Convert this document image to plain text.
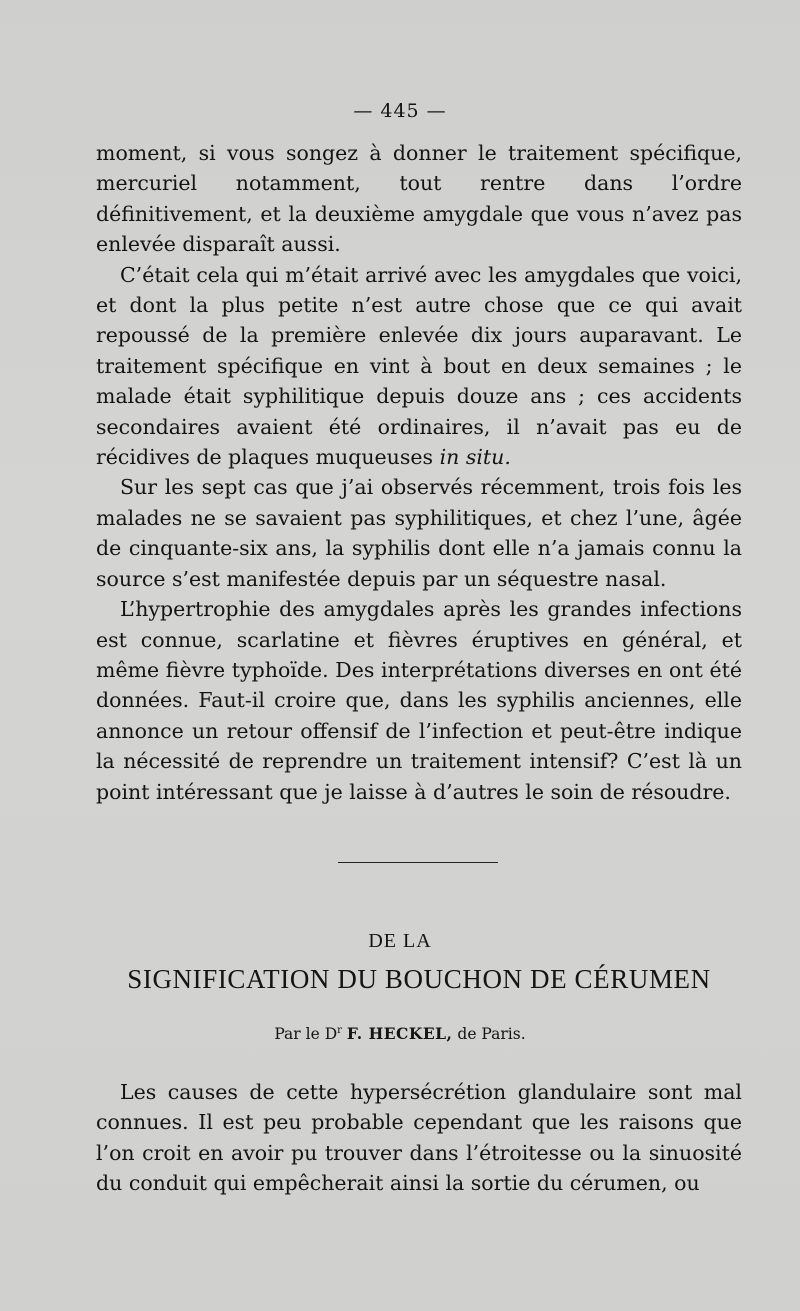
— 445 —

moment, si vous songez à donner le traitement spécifique, mercuriel notamment, tout rentre dans l’ordre définitivement, et la deuxième amygdale que vous n’avez pas enlevée disparaît aussi.

C’était cela qui m’était arrivé avec les amygdales que voici, et dont la plus petite n’est autre chose que ce qui avait repoussé de la première enlevée dix jours auparavant. Le traitement spécifique en vint à bout en deux semaines ; le malade était syphilitique depuis douze ans ; ces accidents secondaires avaient été ordinaires, il n’avait pas eu de récidives de plaques muqueuses in situ.

Sur les sept cas que j’ai observés récemment, trois fois les malades ne se savaient pas syphilitiques, et chez l’une, âgée de cinquante-six ans, la syphilis dont elle n’a jamais connu la source s’est manifestée depuis par un séquestre nasal.

L’hypertrophie des amygdales après les grandes infections est connue, scarlatine et fièvres éruptives en général, et même fièvre typhoïde. Des interprétations diverses en ont été données. Faut-il croire que, dans les syphilis anciennes, elle annonce un retour offensif de l’infection et peut-être indique la nécessité de reprendre un traitement intensif? C’est là un point intéressant que je laisse à d’autres le soin de résoudre.

DE LA
SIGNIFICATION DU BOUCHON DE CÉRUMEN
Par le $D^r$ F. HECKEL, de Paris.

Les causes de cette hypersécrétion glandulaire sont mal connues. Il est peu probable cependant que les raisons que l’on croit en avoir pu trouver dans l’étroitesse ou la sinuosité du conduit qui empêcherait ainsi la sortie du cérumen, ou
